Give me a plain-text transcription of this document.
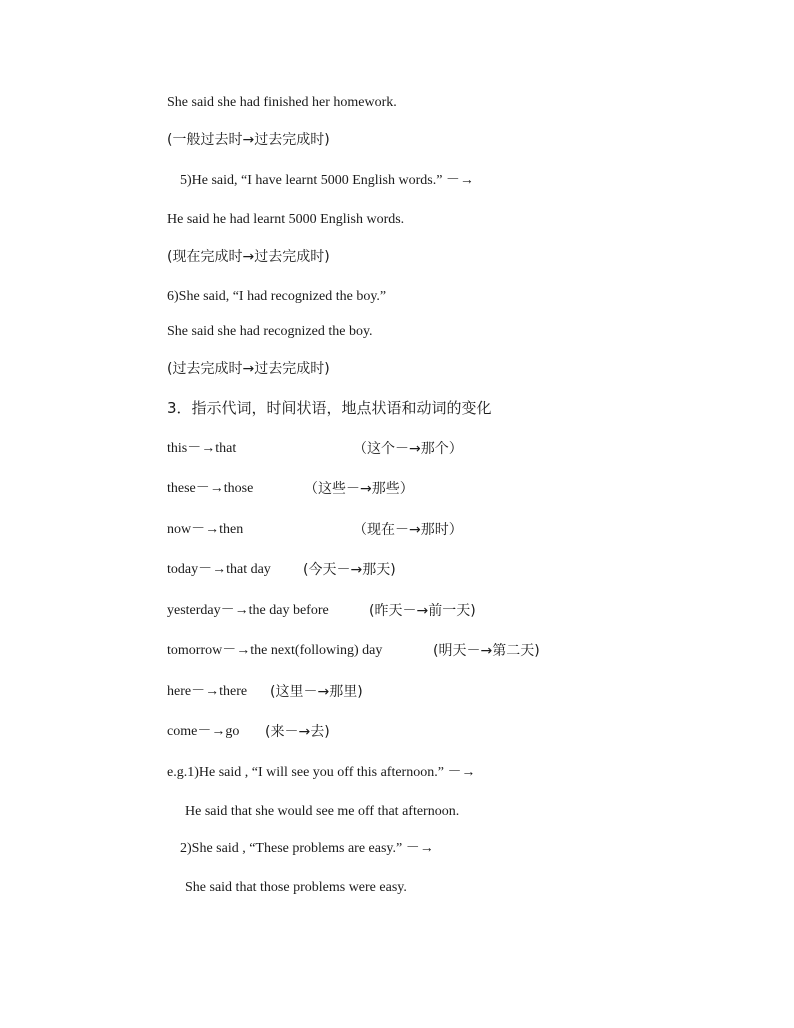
She said she had finished her homework.
(一般过去时→过去完成时)
5)He said, “I have learnt 5000 English words.” －→
He said he had learnt 5000 English words.
(现在完成时→过去完成时)
6)She said, “I had recognized the boy.”
She said she had recognized the boy.
(过去完成时→过去完成时)
3．指示代词，时间状语，地点状语和动词的变化
this－→that	（这个－→那个）
these－→those	（这些－→那些）
now－→then	（现在－→那时）
today－→that day (今天－→那天)
yesterday－→the day before	(昨天－→前一天)
tomorrow－→the next(following) day	(明天－→第二天)
here－→there (这里－→那里)
come－→go (来－→去)
e.g.1)He said , “I will see you off this afternoon.” －→
He said that she would see me off that afternoon.
2)She said , “These problems are easy.” －→
She said that those problems were easy.
